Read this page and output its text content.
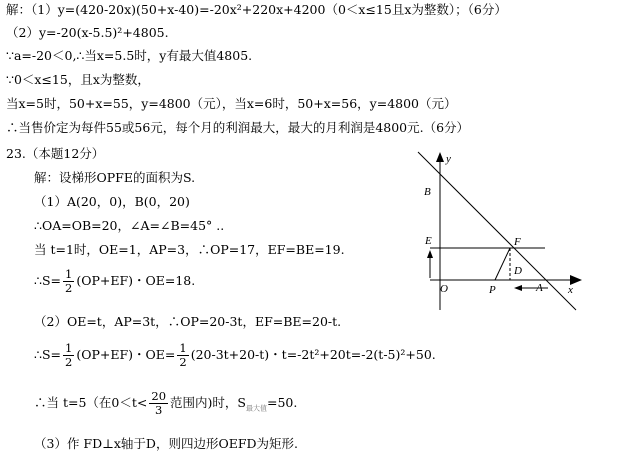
解：（1）y=(420-20x)(50+x-40)=-20x²+220x+4200（0＜x≤15且x为整数）；（6分）
（2）y=-20(x-5.5)²+4805.
∵a=-20＜0,∴当x=5.5时，y有最大值4805.
∵0＜x≤15，且x为整数，
当x=5时，50+x=55，y=4800（元），当x=6时，50+x=56，y=4800（元）
∴当售价定为每件55或56元，每个月的利润最大，最大的月利润是4800元.（6分）
23.（本题12分）
解：设梯形OPFE的面积为S.
（1）A(20，0)，B(0，20)
∴OA=OB=20，∠A=∠B=45° ..
当 t=1时，OE=1，AP=3，∴OP=17，EF=BE=19.
∴S= $\frac{1}{2} (OP+EF)$・OE=18.
（2）OE=t，AP=3t，∴OP=20-3t，EF=BE=20-t.
∴S= $\frac{1}{2} (OP+EF)$・$OE= \frac{1}{2} (20-3t+20-t)$・t=-2t²+20t=-2(t-5)²+50.
∴当 t=5（在$0<t< \frac{20}{3}$ 范围内)时，$S_{最大值}=50$.
（3）作 FD⊥x轴于D，则四边形OEFD为矩形.
y
x
B
E	F
D
O	P	A
